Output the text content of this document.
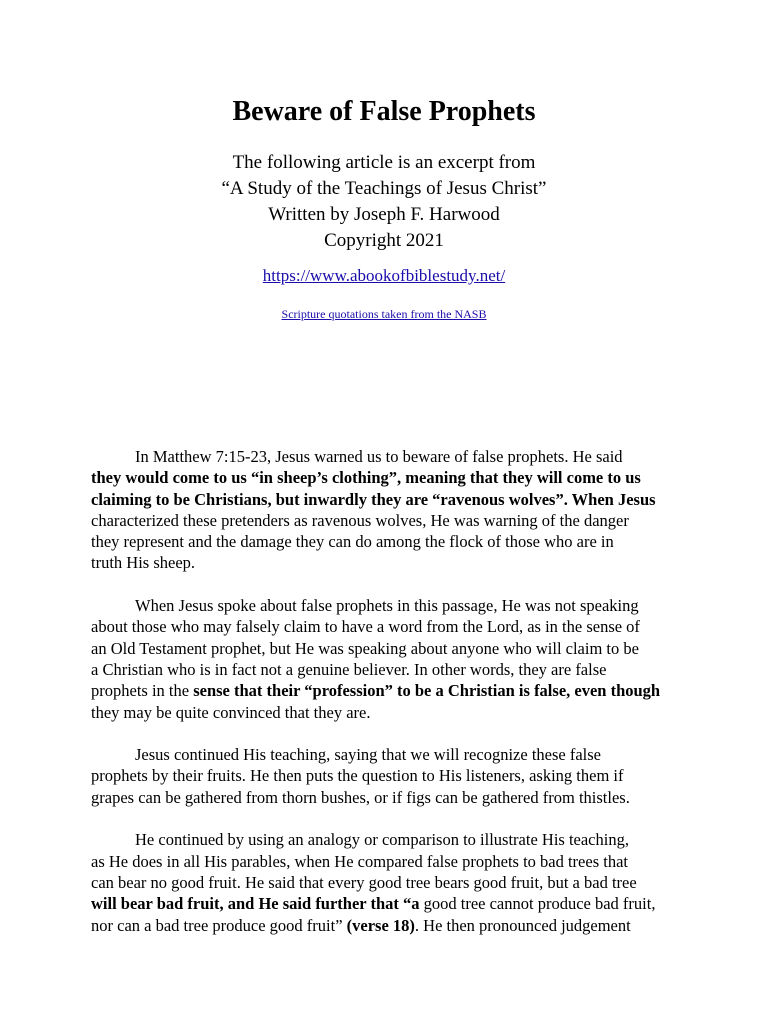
Beware of False Prophets
The following article is an excerpt from
“A Study of the Teachings of Jesus Christ”
Written by Joseph F. Harwood
Copyright 2021
https://www.abookofbiblestudy.net/
Scripture quotations taken from the NASB
In Matthew 7:15-23, Jesus warned us to beware of false prophets. He said
they would come to us “in sheep’s clothing”, meaning that they will come to us
claiming to be Christians, but inwardly they are “ravenous wolves”. When Jesus
characterized these pretenders as ravenous wolves, He was warning of the danger
they represent and the damage they can do among the flock of those who are in
truth His sheep.
When Jesus spoke about false prophets in this passage, He was not speaking
about those who may falsely claim to have a word from the Lord, as in the sense of
an Old Testament prophet, but He was speaking about anyone who will claim to be
a Christian who is in fact not a genuine believer. In other words, they are false
prophets in the sense that their “profession” to be a Christian is false, even though
they may be quite convinced that they are.
Jesus continued His teaching, saying that we will recognize these false
prophets by their fruits. He then puts the question to His listeners, asking them if
grapes can be gathered from thorn bushes, or if figs can be gathered from thistles.
He continued by using an analogy or comparison to illustrate His teaching,
as He does in all His parables, when He compared false prophets to bad trees that
can bear no good fruit. He said that every good tree bears good fruit, but a bad tree
will bear bad fruit, and He said further that “a good tree cannot produce bad fruit,
nor can a bad tree produce good fruit” (verse 18). He then pronounced judgement
